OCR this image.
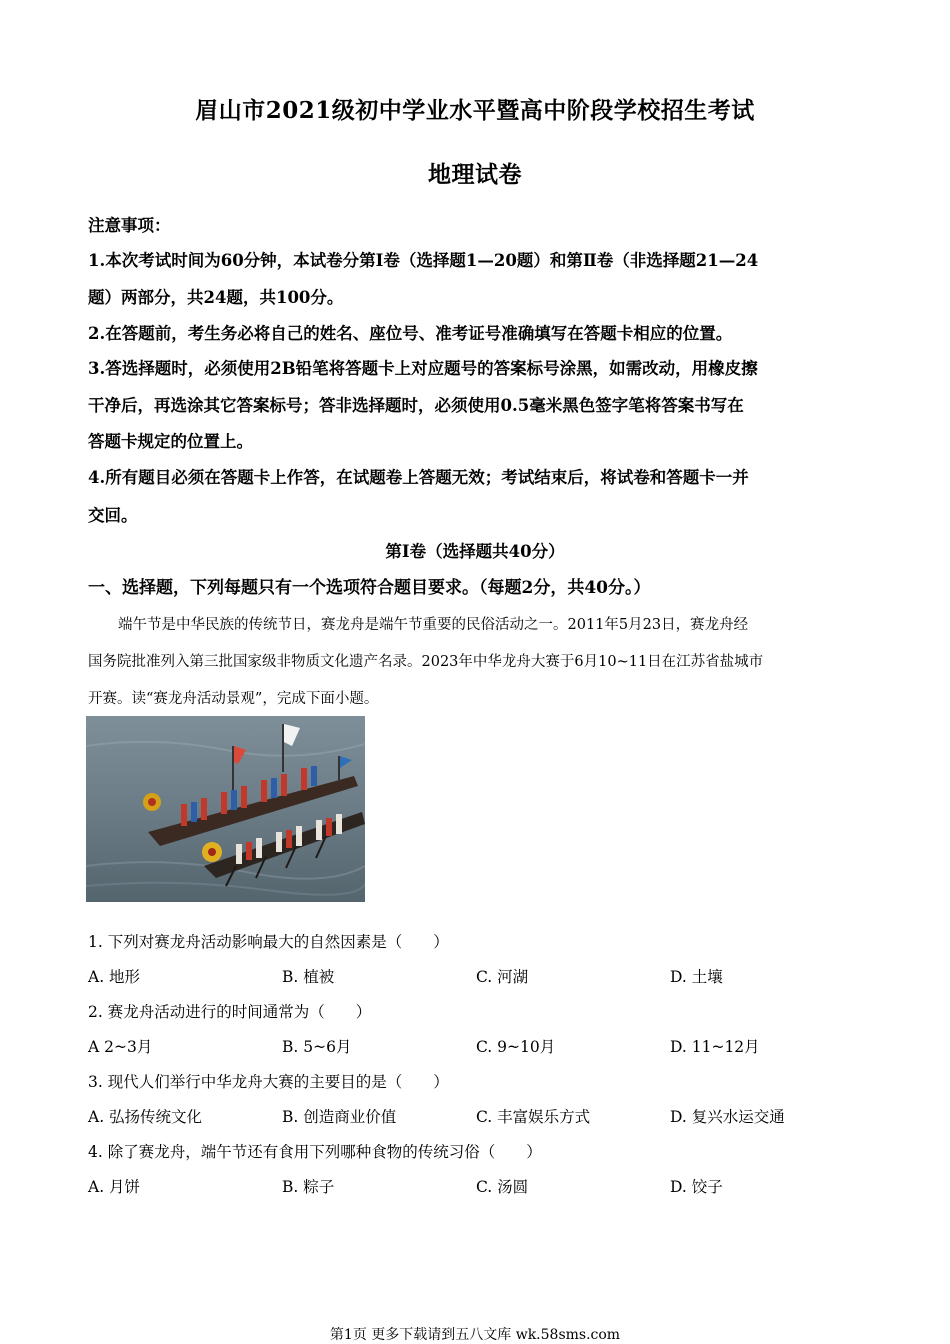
眉山市2021级初中学业水平暨高中阶段学校招生考试
地理试卷
注意事项：
1.本次考试时间为60分钟，本试卷分第Ⅰ卷（选择题1—20题）和第Ⅱ卷（非选择题21—24
题）两部分，共24题，共100分。
2.在答题前，考生务必将自己的姓名、座位号、准考证号准确填写在答题卡相应的位置。
3.答选择题时，必须使用2B铅笔将答题卡上对应题号的答案标号涂黑，如需改动，用橡皮擦
干净后，再选涂其它答案标号；答非选择题时，必须使用0.5毫米黑色签字笔将答案书写在
答题卡规定的位置上。
4.所有题目必须在答题卡上作答，在试题卷上答题无效；考试结束后，将试卷和答题卡一并
交回。
第Ⅰ卷（选择题共40分）
一、选择题，下列每题只有一个选项符合题目要求。（每题2分，共40分。）
端午节是中华民族的传统节日，赛龙舟是端午节重要的民俗活动之一。2011年5月23日，赛龙舟经
国务院批准列入第三批国家级非物质文化遗产名录。2023年中华龙舟大赛于6月10~11日在江苏省盐城市
开赛。读“赛龙舟活动景观”，完成下面小题。
1. 下列对赛龙舟活动影响最大的自然因素是（　　）
A. 地形	B. 植被	C. 河湖	D. 土壤
2. 赛龙舟活动进行的时间通常为（　　）
A 2~3月	B. 5~6月	C. 9~10月	D. 11~12月
3. 现代人们举行中华龙舟大赛的主要目的是（　　）
A. 弘扬传统文化	B. 创造商业价值	C. 丰富娱乐方式	D. 复兴水运交通
4. 除了赛龙舟，端午节还有食用下列哪种食物的传统习俗（　　）
A. 月饼	B. 粽子	C. 汤圆	D. 饺子
第1页 更多下载请到五八文库 wk.58sms.com
